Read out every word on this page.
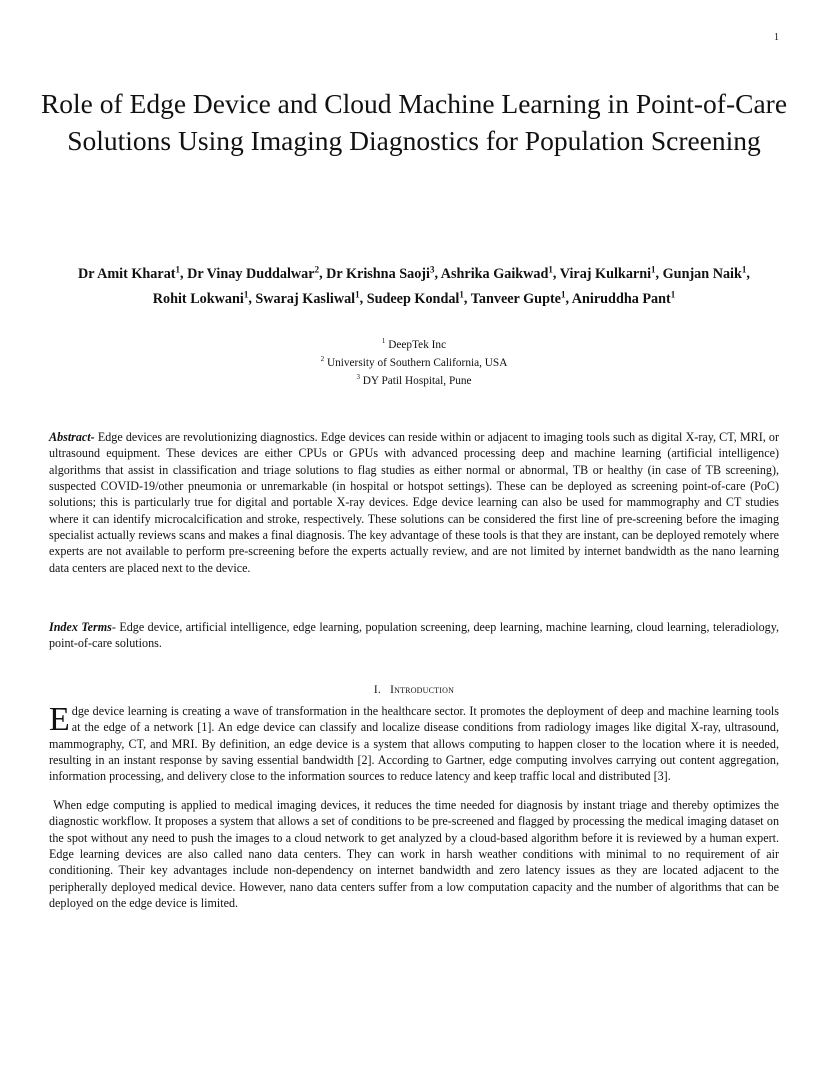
1
Role of Edge Device and Cloud Machine Learning in Point-of-Care Solutions Using Imaging Diagnostics for Population Screening

Dr Amit Kharat$^1$, Dr Vinay Duddalwar$^2$, Dr Krishna Saoji$^3$, Ashrika Gaikwad$^1$, Viraj Kulkarni$^1$, Gunjan Naik$^1$,
Rohit Lokwani$^1$, Swaraj Kasliwal$^1$, Sudeep Kondal$^1$, Tanveer Gupte$^1$, Aniruddha Pant$^1$

$^1$ DeepTek Inc
$^2$ University of Southern California, USA
$^3$ DY Patil Hospital, Pune

Abstract- Edge devices are revolutionizing diagnostics. Edge devices can reside within or adjacent to imaging tools such as digital X-ray, CT, MRI, or ultrasound equipment. These devices are either CPUs or GPUs with advanced processing deep and machine learning (artificial intelligence) algorithms that assist in classification and triage solutions to flag studies as either normal or abnormal, TB or healthy (in case of TB screening), suspected COVID-19/other pneumonia or unremarkable (in hospital or hotspot settings). These can be deployed as screening point-of-care (PoC) solutions; this is particularly true for digital and portable X-ray devices. Edge device learning can also be used for mammography and CT studies where it can identify microcalcification and stroke, respectively. These solutions can be considered the first line of pre-screening before the imaging specialist actually reviews scans and makes a final diagnosis. The key advantage of these tools is that they are instant, can be deployed remotely where experts are not available to perform pre-screening before the experts actually review, and are not limited by internet bandwidth as the nano learning data centers are placed next to the device.

Index Terms- Edge device, artificial intelligence, edge learning, population screening, deep learning, machine learning, cloud learning, teleradiology, point-of-care solutions.

I. Introduction

Edge device learning is creating a wave of transformation in the healthcare sector. It promotes the deployment of deep and machine learning tools at the edge of a network [1]. An edge device can classify and localize disease conditions from radiology images like digital X-ray, ultrasound, mammography, CT, and MRI. By definition, an edge device is a system that allows computing to happen closer to the location where it is needed, resulting in an instant response by saving essential bandwidth [2]. According to Gartner, edge computing involves carrying out content aggregation, information processing, and delivery close to the information sources to reduce latency and keep traffic local and distributed [3].

When edge computing is applied to medical imaging devices, it reduces the time needed for diagnosis by instant triage and thereby optimizes the diagnostic workflow. It proposes a system that allows a set of conditions to be pre-screened and flagged by processing the medical imaging dataset on the spot without any need to push the images to a cloud network to get analyzed by a cloud-based algorithm before it is reviewed by a human expert. Edge learning devices are also called nano data centers. They can work in harsh weather conditions with minimal to no requirement of air conditioning. Their key advantages include non-dependency on internet bandwidth and zero latency issues as they are located adjacent to the peripherally deployed medical device. However, nano data centers suffer from a low computation capacity and the number of algorithms that can be deployed on the edge device is limited.
